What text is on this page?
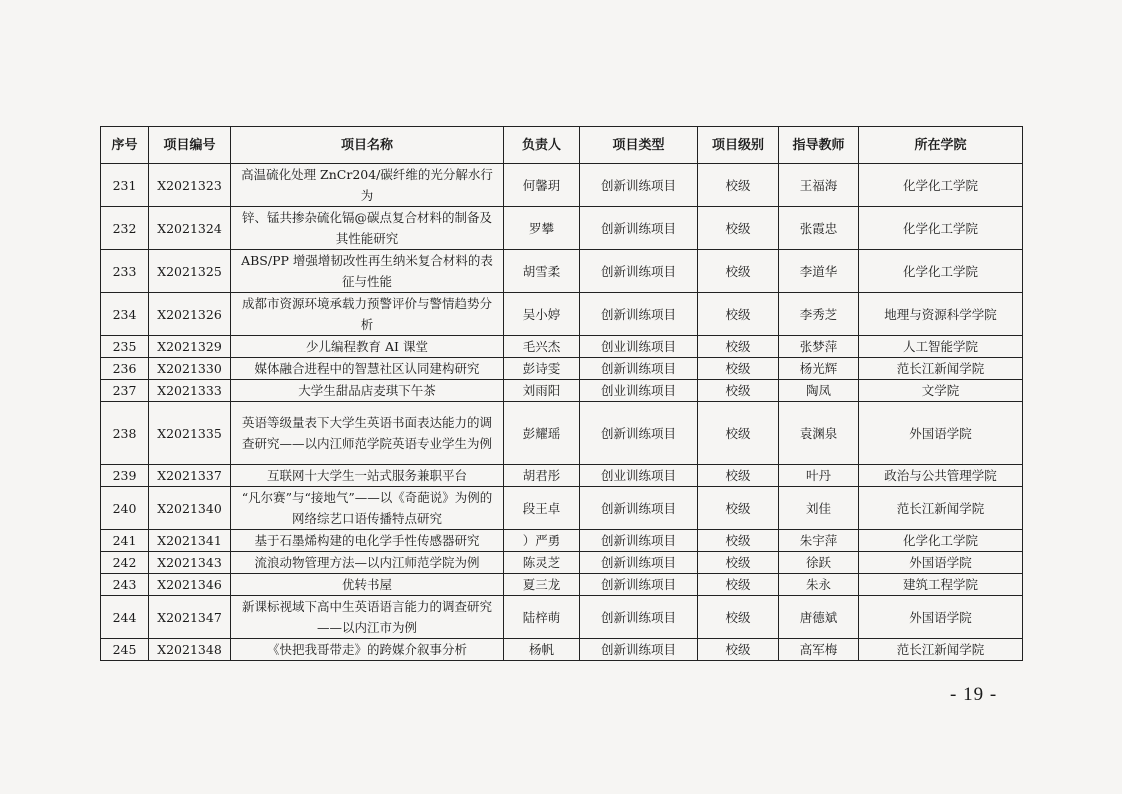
序号	项目编号	项目名称	负责人	项目类型	项目级别	指导教师	所在学院
231	X2021323	高温硫化处理 ZnCr204/碳纤维的光分解水行为	何馨玥	创新训练项目	校级	王福海	化学化工学院
232	X2021324	锌、锰共掺杂硫化镉@碳点复合材料的制备及其性能研究	罗攀	创新训练项目	校级	张霞忠	化学化工学院
233	X2021325	ABS/PP 增强增韧改性再生纳米复合材料的表征与性能	胡雪柔	创新训练项目	校级	李道华	化学化工学院
234	X2021326	成都市资源环境承载力预警评价与警情趋势分析	吴小婷	创新训练项目	校级	李秀芝	地理与资源科学学院
235	X2021329	少儿编程教育 AI 课堂	毛兴杰	创业训练项目	校级	张梦萍	人工智能学院
236	X2021330	媒体融合进程中的智慧社区认同建构研究	彭诗雯	创新训练项目	校级	杨光辉	范长江新闻学院
237	X2021333	大学生甜品店麦琪下午茶	刘雨阳	创业训练项目	校级	陶凤	文学院
238	X2021335	英语等级量表下大学生英语书面表达能力的调查研究——以内江师范学院英语专业学生为例	彭耀瑶	创新训练项目	校级	袁渊泉	外国语学院
239	X2021337	互联网十大学生一站式服务兼职平台	胡君彤	创业训练项目	校级	叶丹	政治与公共管理学院
240	X2021340	“凡尔赛”与“接地气”——以《奇葩说》为例的网络综艺口语传播特点研究	段王卓	创新训练项目	校级	刘佳	范长江新闻学院
241	X2021341	基于石墨烯构建的电化学手性传感器研究	）严勇	创新训练项目	校级	朱宇萍	化学化工学院
242	X2021343	流浪动物管理方法—以内江师范学院为例	陈灵芝	创新训练项目	校级	徐跃	外国语学院
243	X2021346	优转书屋	夏三龙	创新训练项目	校级	朱永	建筑工程学院
244	X2021347	新课标视域下高中生英语语言能力的调查研究——以内江市为例	陆梓萌	创新训练项目	校级	唐德斌	外国语学院
245	X2021348	《快把我哥带走》的跨媒介叙事分析	杨帆	创新训练项目	校级	高军梅	范长江新闻学院
- 19 -
